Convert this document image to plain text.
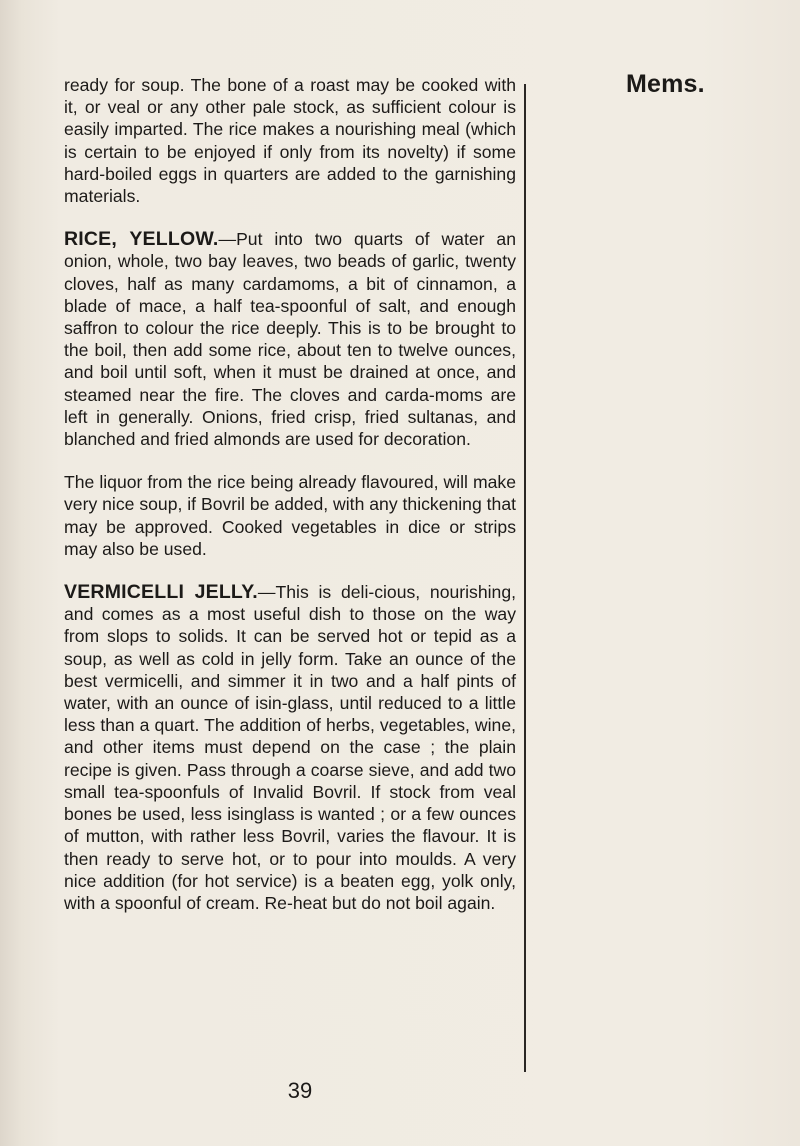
ready for soup. The bone of a roast may be cooked with it, or veal or any other pale stock, as sufficient colour is easily imparted. The rice makes a nourishing meal (which is certain to be enjoyed if only from its novelty) if some hard-boiled eggs in quarters are added to the garnishing materials.

RICE, YELLOW.—Put into two quarts of water an onion, whole, two bay leaves, two beads of garlic, twenty cloves, half as many cardamoms, a bit of cinnamon, a blade of mace, a half tea-spoonful of salt, and enough saffron to colour the rice deeply. This is to be brought to the boil, then add some rice, about ten to twelve ounces, and boil until soft, when it must be drained at once, and steamed near the fire. The cloves and carda-moms are left in generally. Onions, fried crisp, fried sultanas, and blanched and fried almonds are used for decoration.

The liquor from the rice being already flavoured, will make very nice soup, if Bovril be added, with any thickening that may be approved. Cooked vegetables in dice or strips may also be used.

VERMICELLI JELLY.—This is deli-cious, nourishing, and comes as a most useful dish to those on the way from slops to solids. It can be served hot or tepid as a soup, as well as cold in jelly form. Take an ounce of the best vermicelli, and simmer it in two and a half pints of water, with an ounce of isin-glass, until reduced to a little less than a quart. The addition of herbs, vegetables, wine, and other items must depend on the case ; the plain recipe is given. Pass through a coarse sieve, and add two small tea-spoonfuls of Invalid Bovril. If stock from veal bones be used, less isinglass is wanted ; or a few ounces of mutton, with rather less Bovril, varies the flavour. It is then ready to serve hot, or to pour into moulds. A very nice addition (for hot service) is a beaten egg, yolk only, with a spoonful of cream. Re-heat but do not boil again.

Mems.
39
